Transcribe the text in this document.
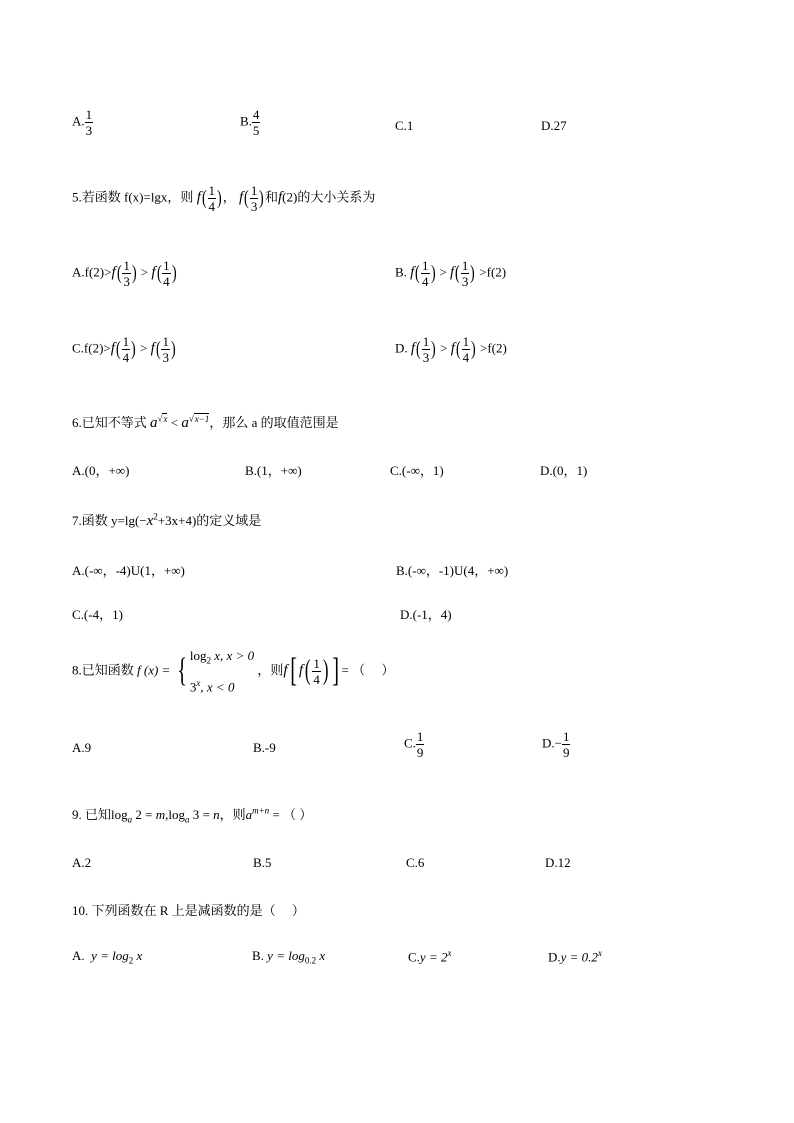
A. $\frac{1}{3}$	B. $\frac{4}{5}$	C.1	D.27
5.若函数 f(x)=lgx，则 $f( \frac{1}{4}$ )， $f( \frac{1}{3}$ )和f(2)的大小关系为
$A.f(2)>f( \frac{1}{3}$ ) > $f( \frac{1}{4}$ )	B. $f( \frac{1}{4}$ ) > $f( \frac{1}{3}$ ) >f(2)
$C.f(2)>f( \frac{1}{4}$ ) > $f( \frac{1}{3}$ )	D. $f( \frac{1}{3}$ ) > $f( \frac{1}{4}$ ) >f(2)
6.已知不等式 $a^{√x} < a^{√x-1}$，那么 a 的取值范围是
A.(0，+∞)	B.(1，+∞)	C.(-∞，1)	D.(0，1)
7.函数 $y=\lg(-x^2+3x+4)$的定义域是
A.(-∞，-4)U(1，+∞)	B.(-∞，-1)U(4，+∞)
C.(-4，1)	D.(-1，4)
8.已知函数 f (x) = { $\log_2 x$, x > 0
3$^x$, x < 0
，则f[ $f( \frac{1}{4}$ ) ] = （　 ）
A.9	B.-9	C. $\frac{1}{9}$	$D.- \frac{1}{9}$
9. 已知$\log_a 2 = m,\log_a$ 3 = n，则$a^{m+n}$ = （ ）
A.2	B.5	C.6	D.12
10. 下列函数在 R 上是减函数的是（　 ）
A. $y = \log_2 x$	B. $y = \log_{0.2} x$	$C.y = 2^x$	$D.y = 0.2^x$
